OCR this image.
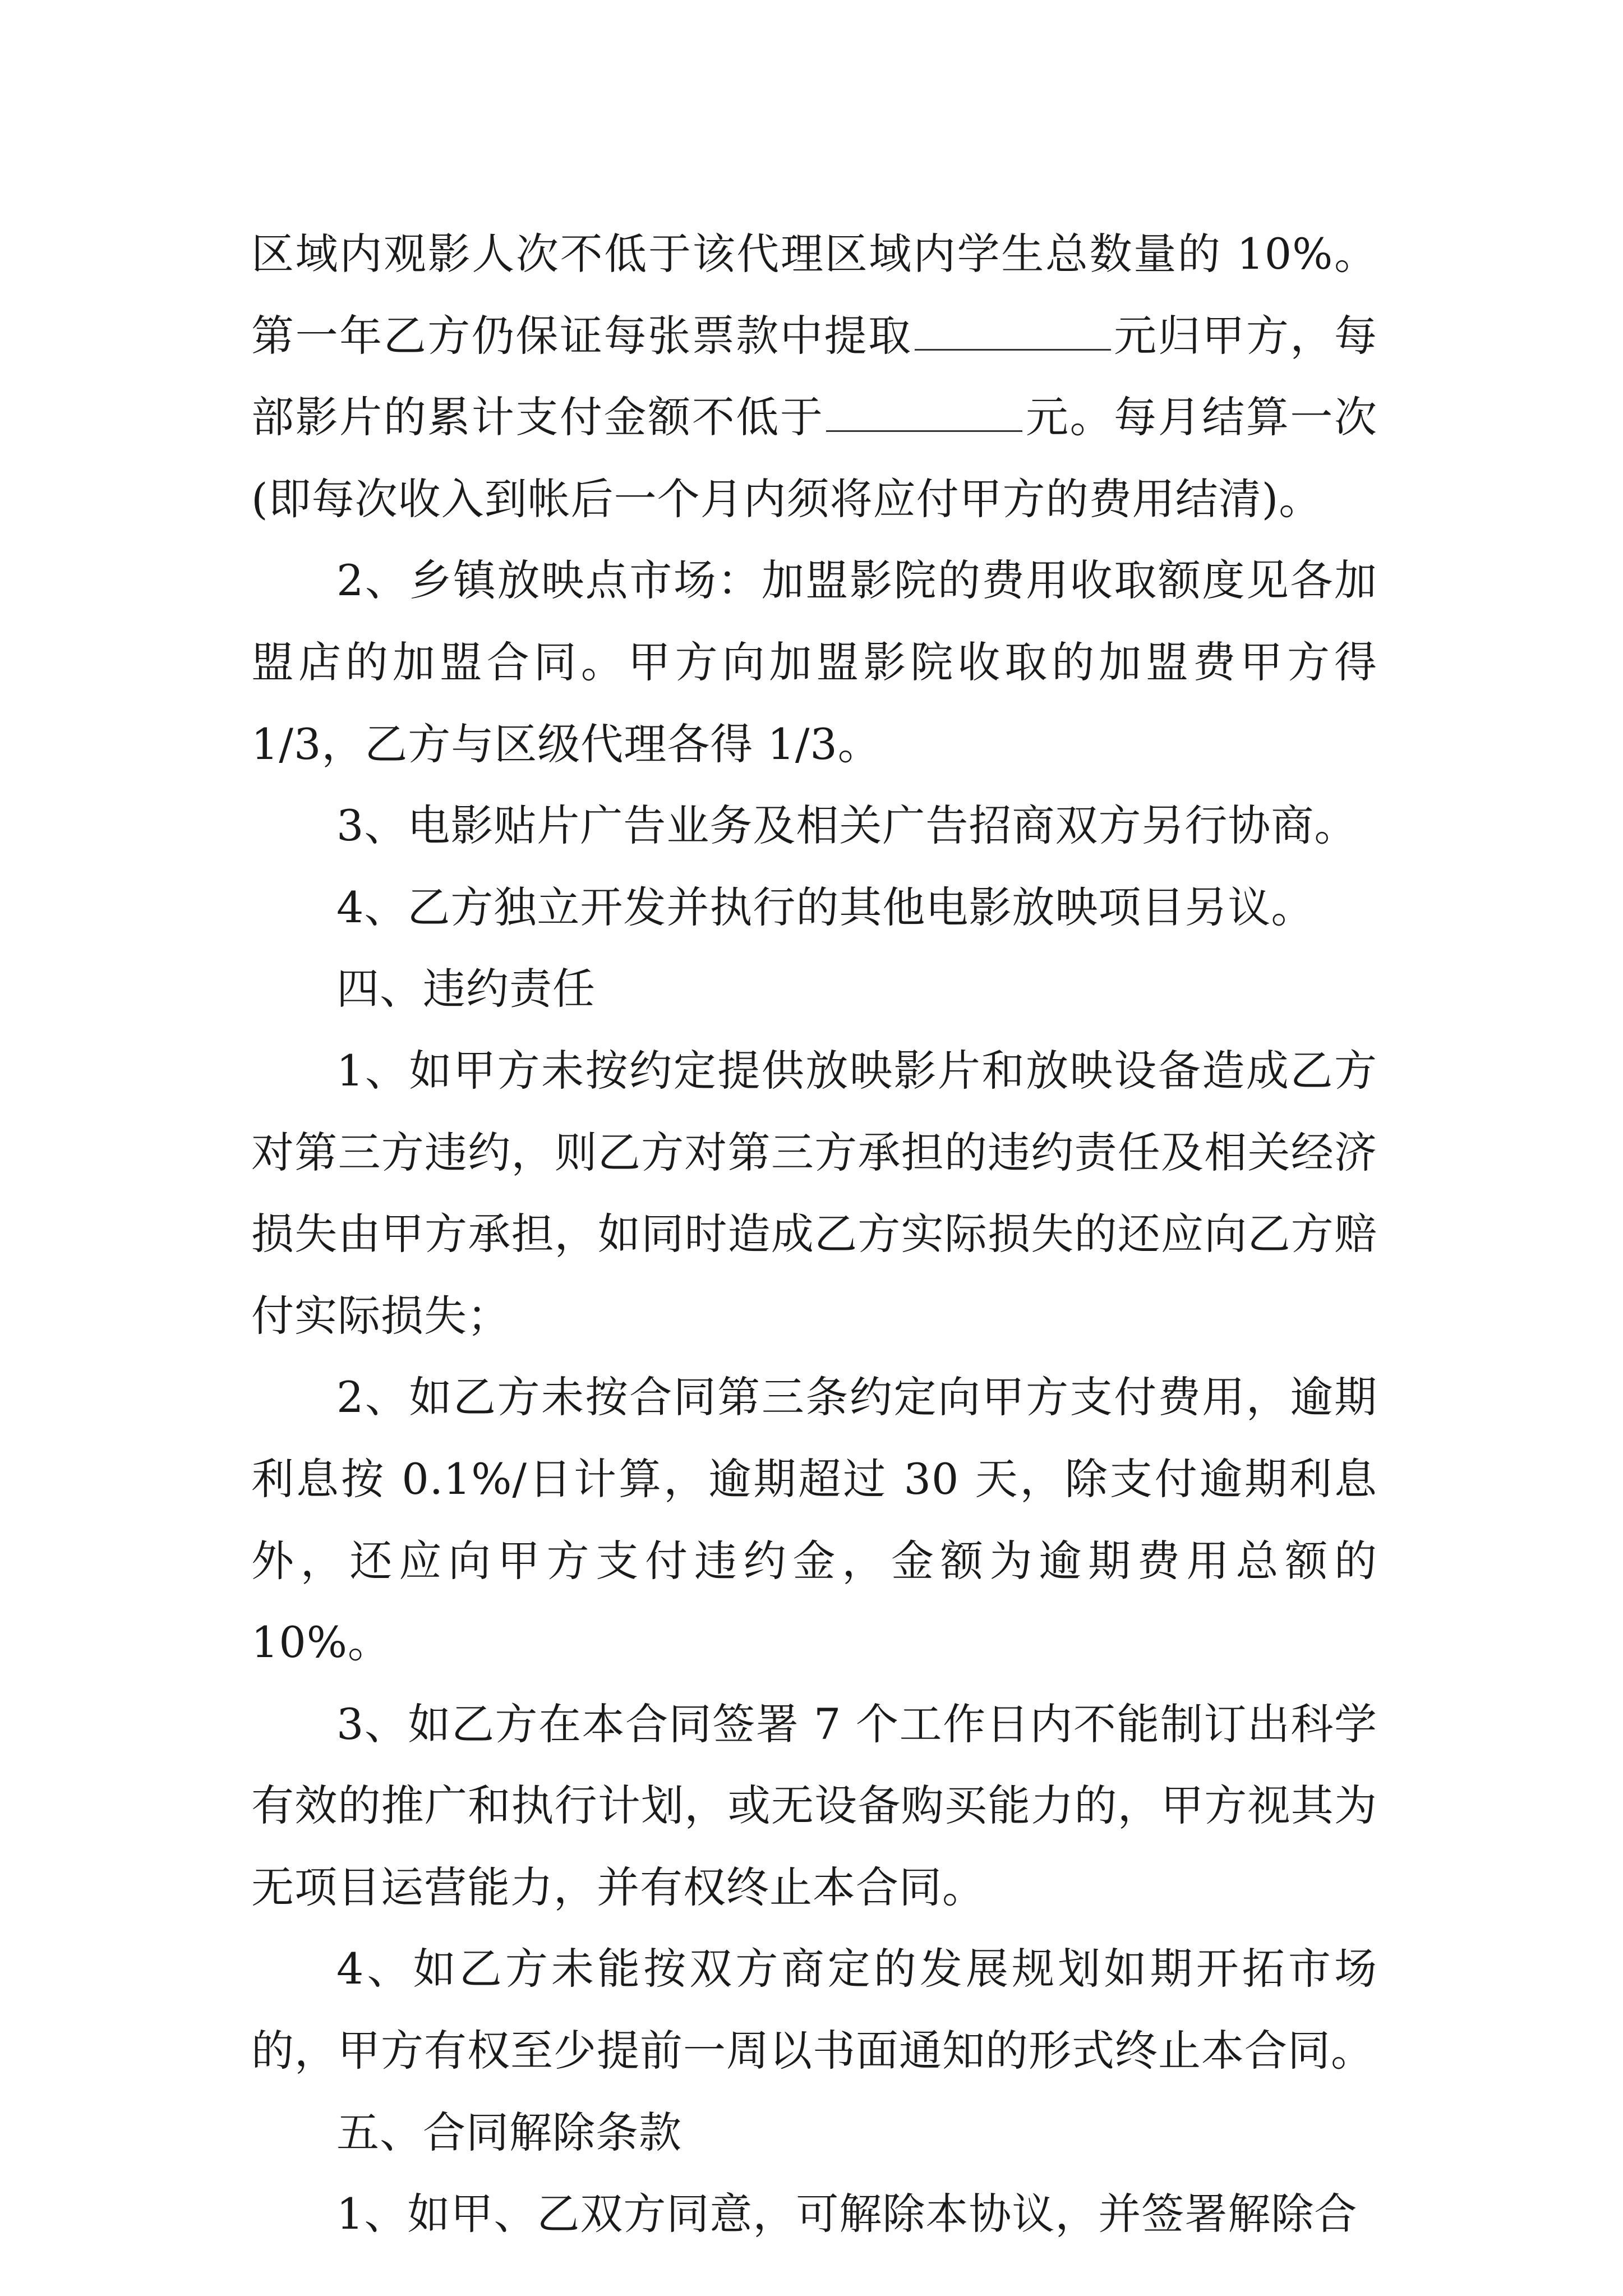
区域内观影人次不低于该代理区域内学生总数量的 10%。第一年乙方仍保证每张票款中提取	元归甲方，每部影片的累计支付金额不低于	元。每月结算一次(即每次收入到帐后一个月内须将应付甲方的费用结清)。

2、乡镇放映点市场：加盟影院的费用收取额度见各加盟店的加盟合同。甲方向加盟影院收取的加盟费甲方得 1/3，乙方与区级代理各得 1/3。

3、电影贴片广告业务及相关广告招商双方另行协商。

4、乙方独立开发并执行的其他电影放映项目另议。

四、违约责任

1、如甲方未按约定提供放映影片和放映设备造成乙方对第三方违约，则乙方对第三方承担的违约责任及相关经济损失由甲方承担，如同时造成乙方实际损失的还应向乙方赔付实际损失；

2、如乙方未按合同第三条约定向甲方支付费用，逾期利息按 0.1%/日计算，逾期超过 30 天，除支付逾期利息外，还应向甲方支付违约金，金额为逾期费用总额的 10%。

3、如乙方在本合同签署 7 个工作日内不能制订出科学有效的推广和执行计划，或无设备购买能力的，甲方视其为无项目运营能力，并有权终止本合同。

4、如乙方未能按双方商定的发展规划如期开拓市场的，甲方有权至少提前一周以书面通知的形式终止本合同。

五、合同解除条款

1、如甲、乙双方同意，可解除本协议，并签署解除合
